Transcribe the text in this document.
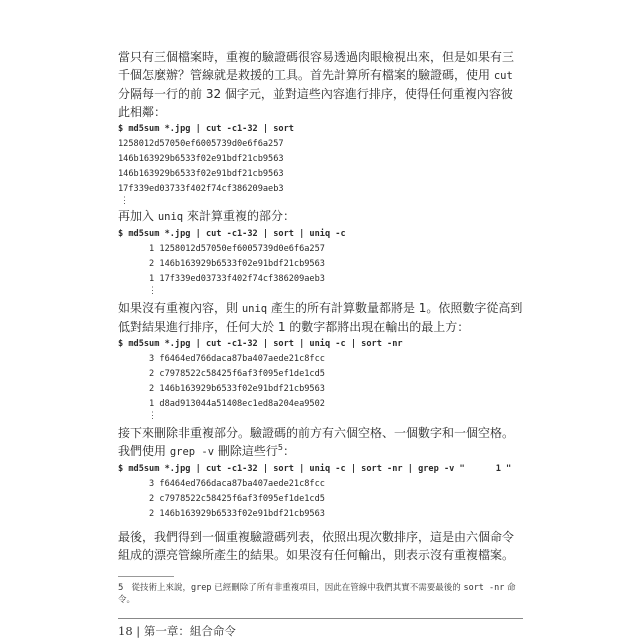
當只有三個檔案時，重複的驗證碼很容易透過肉眼檢視出來，但是如果有三千個怎麼辦？管線就是救援的工具。首先計算所有檔案的驗證碼，使用 cut 分隔每一行的前 32 個字元，並對這些內容進行排序，使得任何重複內容彼此相鄰：

$ md5sum *.jpg | cut -c1-32 | sort
1258012d57050ef6005739d0e6f6a257
146b163929b6533f02e91bdf21cb9563
146b163929b6533f02e91bdf21cb9563
17f339ed03733f402f74cf386209aeb3
⋮

再加入 uniq 來計算重複的部分：

$ md5sum *.jpg | cut -c1-32 | sort | uniq -c
1 1258012d57050ef6005739d0e6f6a257
2 146b163929b6533f02e91bdf21cb9563
1 17f339ed03733f402f74cf386209aeb3
⋮

如果沒有重複內容，則 uniq 產生的所有計算數量都將是 1。依照數字從高到低對結果進行排序，任何大於 1 的數字都將出現在輸出的最上方：

$ md5sum *.jpg | cut -c1-32 | sort | uniq -c | sort -nr
3 f6464ed766daca87ba407aede21c8fcc
2 c7978522c58425f6af3f095ef1de1cd5
2 146b163929b6533f02e91bdf21cb9563
1 d8ad913044a51408ec1ed8a204ea9502
⋮

接下來刪除非重複部分。驗證碼的前方有六個空格、一個數字和一個空格。我們使用 grep -v 刪除這些行$^5$：

$ md5sum *.jpg | cut -c1-32 | sort | uniq -c | sort -nr | grep -v "      1 "
3 f6464ed766daca87ba407aede21c8fcc
2 c7978522c58425f6af3f095ef1de1cd5
2 146b163929b6533f02e91bdf21cb9563

最後，我們得到一個重複驗證碼列表，依照出現次數排序，這是由六個命令組成的漂亮管線所產生的結果。如果沒有任何輸出，則表示沒有重複檔案。

5 從技術上來說，grep 已經刪除了所有非重複項目，因此在管線中我們其實不需要最後的 sort -nr 命令。
18 | 第一章：組合命令
